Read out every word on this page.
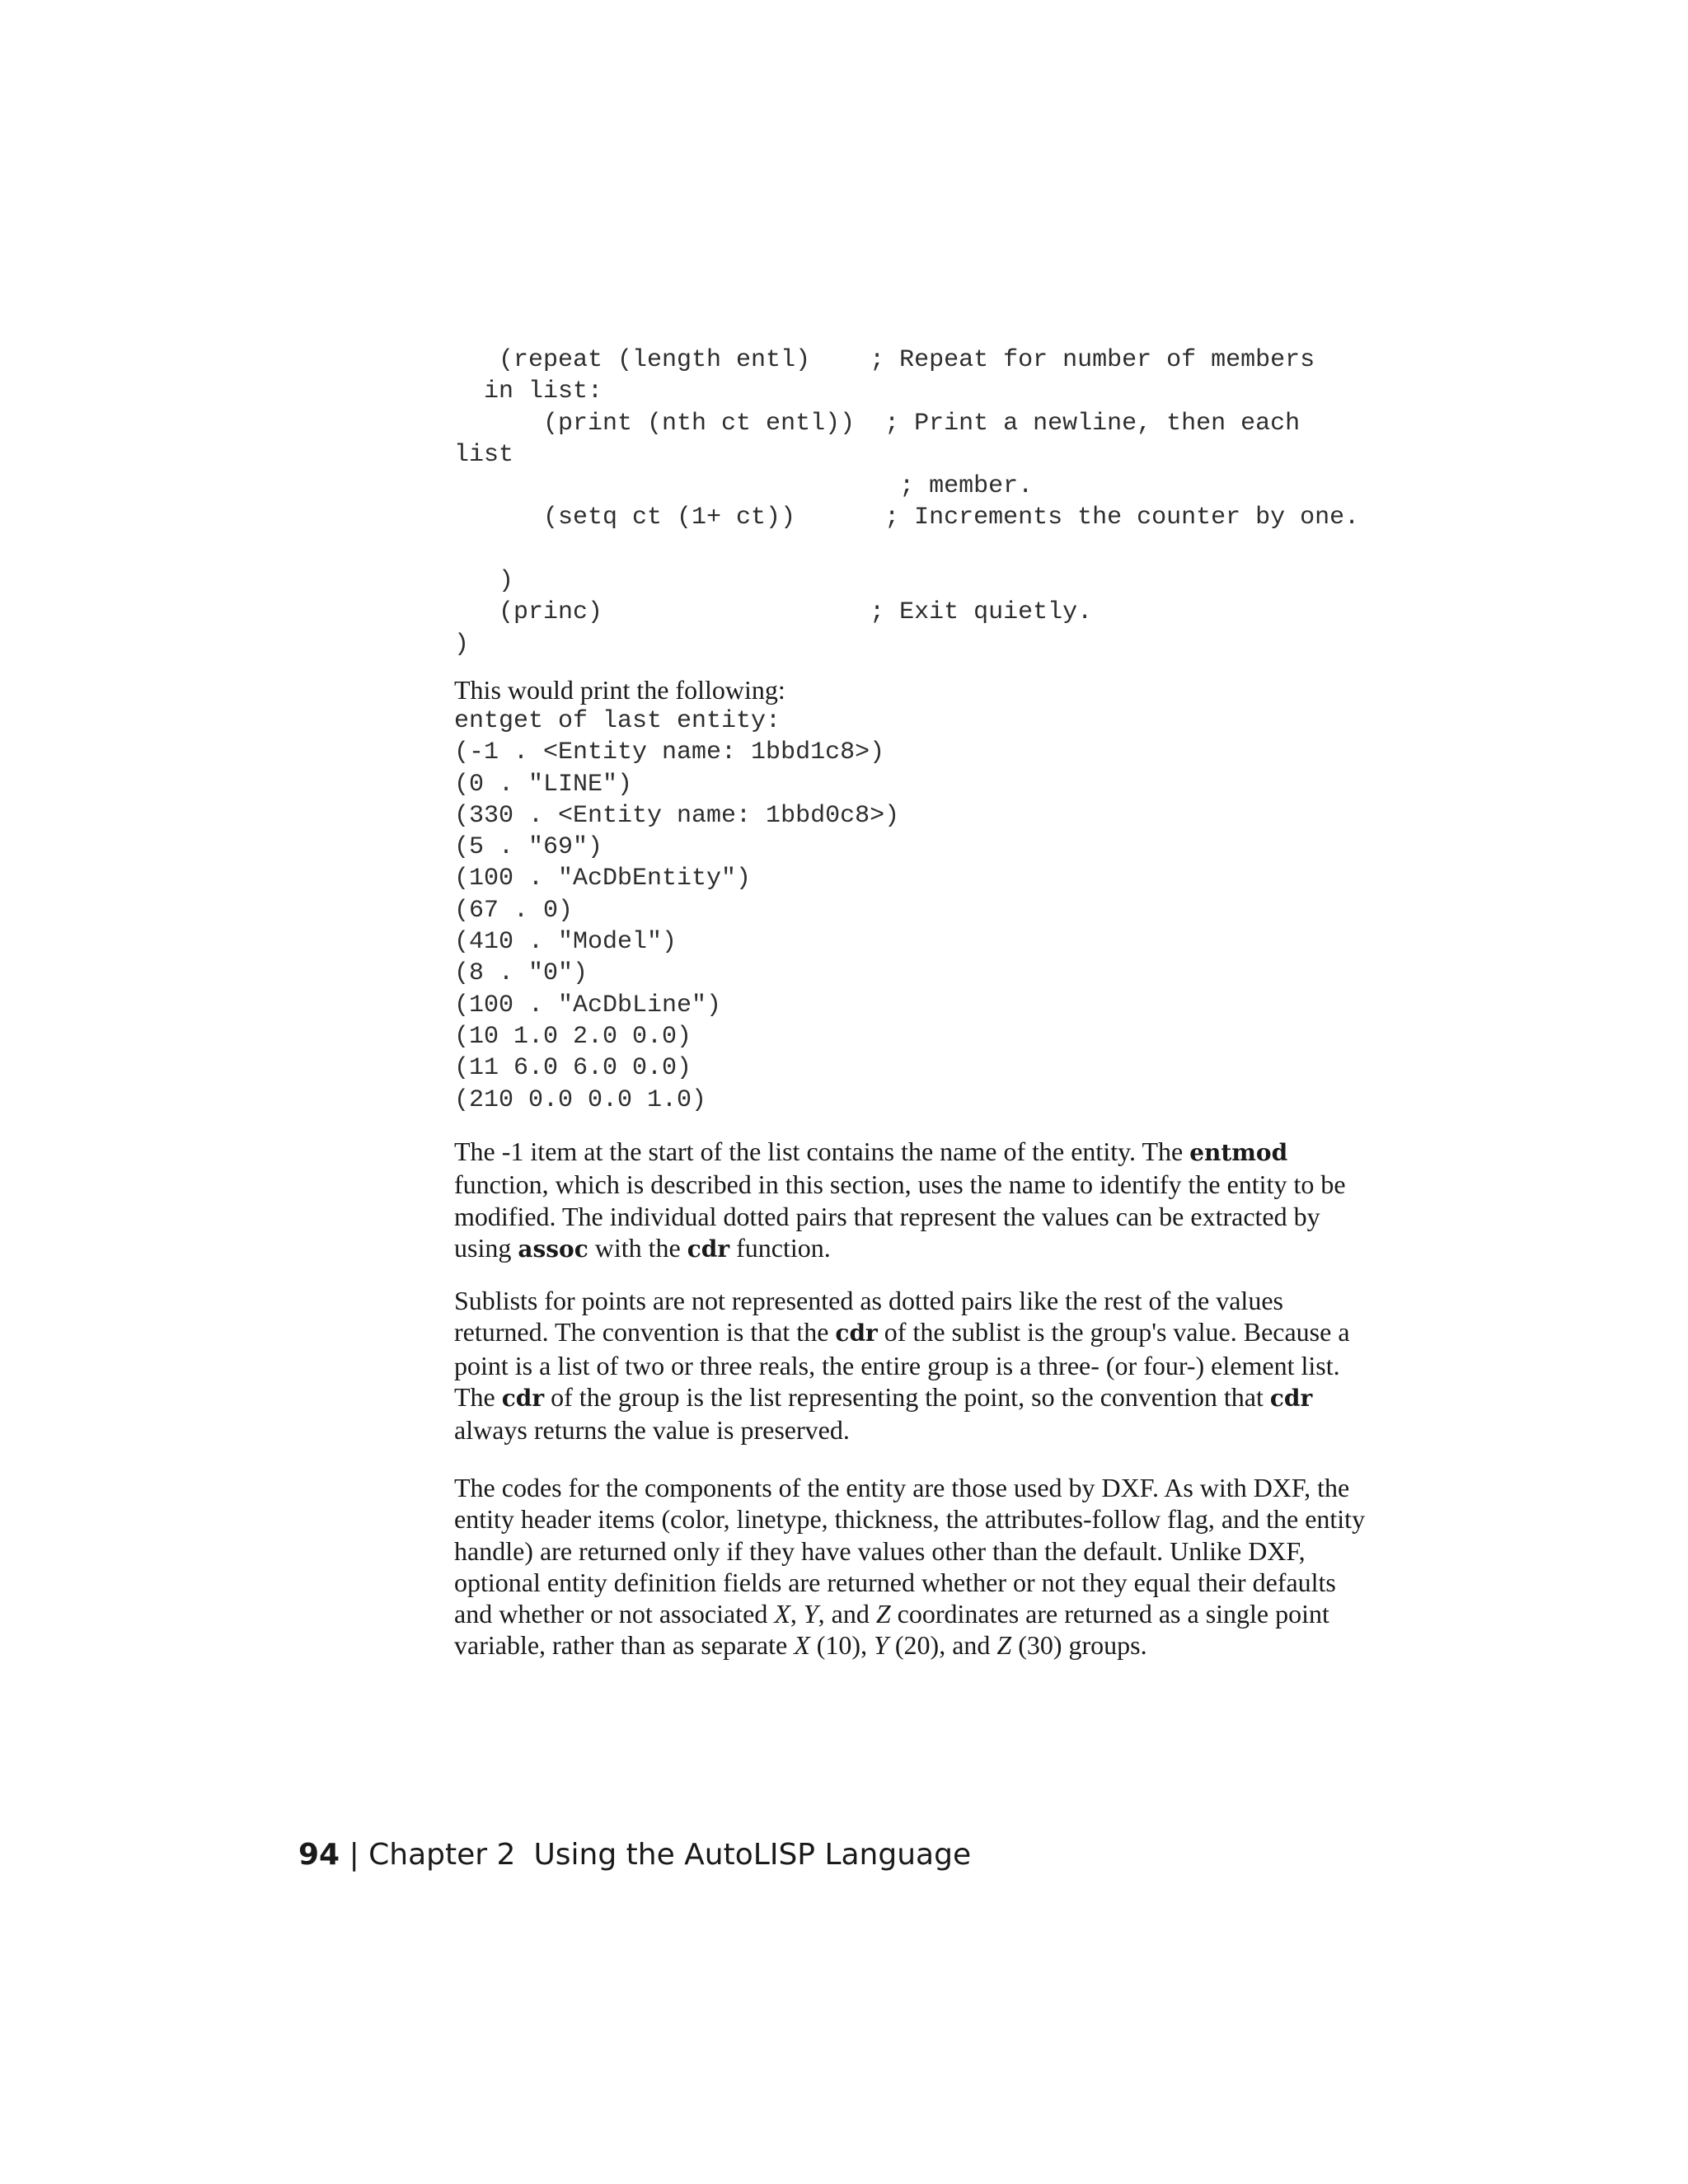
(repeat (length entl)    ; Repeat for number of members
in list:
(print (nth ct entl))  ; Print a newline, then each
list
; member.
(setq ct (1+ ct))      ; Increments the counter by one.

)
(princ)                  ; Exit quietly.
)

This would print the following:

entget of last entity:
(-1 . <Entity name: 1bbd1c8>)
(0 . "LINE")
(330 . <Entity name: 1bbd0c8>)
(5 . "69")
(100 . "AcDbEntity")
(67 . 0)
(410 . "Model")
(8 . "0")
(100 . "AcDbLine")
(10 1.0 2.0 0.0)
(11 6.0 6.0 0.0)
(210 0.0 0.0 1.0)

The -1 item at the start of the list contains the name of the entity. The entmod function, which is described in this section, uses the name to identify the entity to be modified. The individual dotted pairs that represent the values can be extracted by using assoc with the cdr function.

Sublists for points are not represented as dotted pairs like the rest of the values returned. The convention is that the cdr of the sublist is the group's value. Because a point is a list of two or three reals, the entire group is a three- (or four-) element list. The cdr of the group is the list representing the point, so the convention that cdr always returns the value is preserved.

The codes for the components of the entity are those used by DXF. As with DXF, the entity header items (color, linetype, thickness, the attributes-follow flag, and the entity handle) are returned only if they have values other than the default. Unlike DXF, optional entity definition fields are returned whether or not they equal their defaults and whether or not associated X, Y, and Z coordinates are returned as a single point variable, rather than as separate X (10), Y (20), and Z (30) groups.

94 | Chapter 2 Using the AutoLISP Language
